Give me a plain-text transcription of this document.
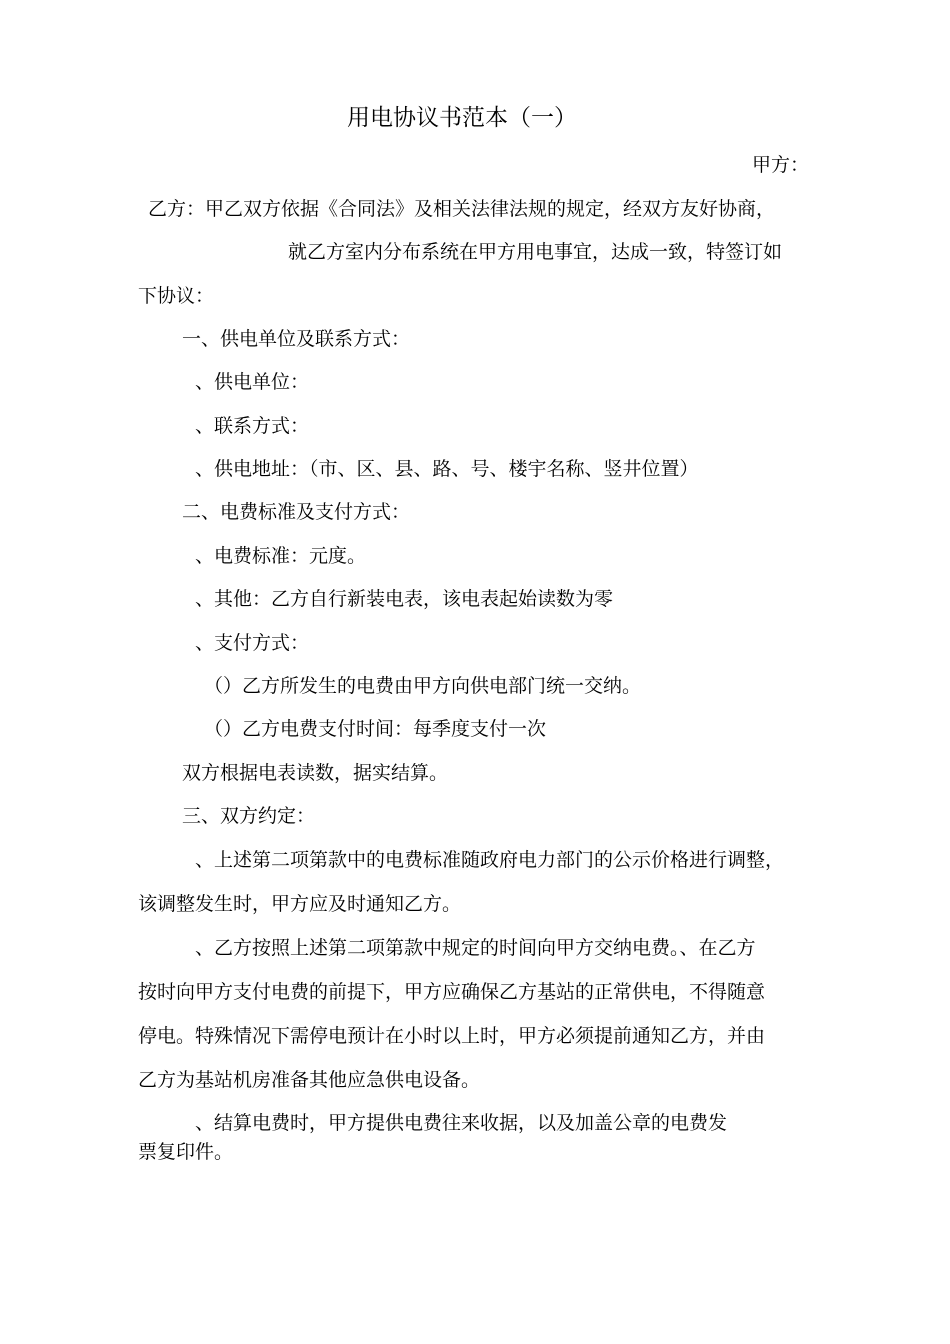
用电协议书范本（一）
甲方：
乙方：甲乙双方依据《合同法》及相关法律法规的规定，经双方友好协商，
就乙方室内分布系统在甲方用电事宜，达成一致，特签订如
下协议：
一、供电单位及联系方式：
、供电单位：
、联系方式：
、供电地址：（市、区、县、路、号、楼宇名称、竖井位置）
二、电费标准及支付方式：
、电费标准：元度。
、其他：乙方自行新装电表，该电表起始读数为零
、支付方式：
（）乙方所发生的电费由甲方向供电部门统一交纳。
（）乙方电费支付时间：每季度支付一次
双方根据电表读数，据实结算。
三、双方约定：
、上述第二项第款中的电费标准随政府电力部门的公示价格进行调整，
该调整发生时，甲方应及时通知乙方。
、乙方按照上述第二项第款中规定的时间向甲方交纳电费。、在乙方
按时向甲方支付电费的前提下，甲方应确保乙方基站的正常供电，不得随意
停电。特殊情况下需停电预计在小时以上时，甲方必须提前通知乙方，并由
乙方为基站机房准备其他应急供电设备。
、结算电费时，甲方提供电费往来收据，以及加盖公章的电费发
票复印件。
